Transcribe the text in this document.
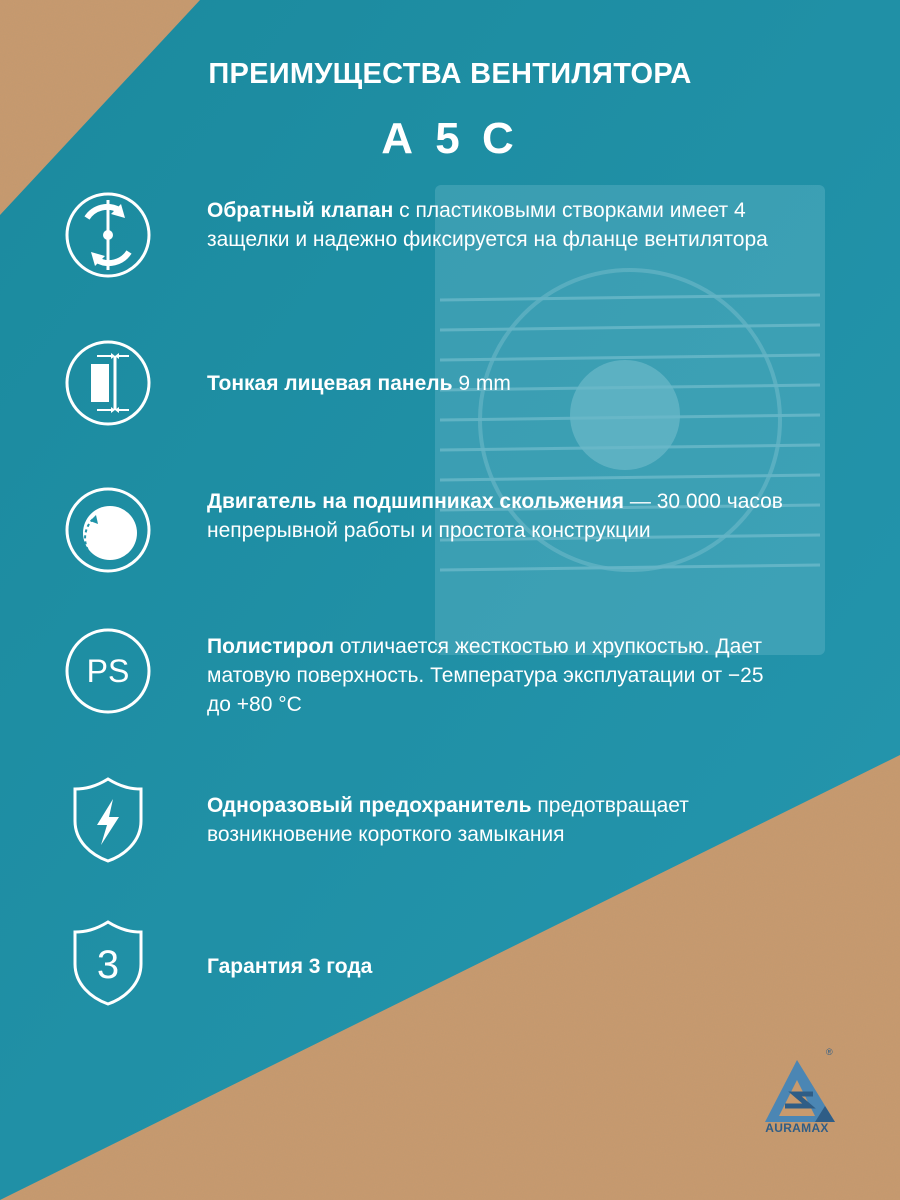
ПРЕИМУЩЕСТВА ВЕНТИЛЯТОРА
А 5 С
Обратный клапан с пластиковыми створками имеет 4 защелки и надежно фиксируется на фланце вентилятора
Тонкая лицевая панель 9 mm
Двигатель на подшипниках скольжения — 30 000 часов непрерывной работы и простота конструкции
PS
Полистирол отличается жесткостью и хрупкостью. Дает матовую поверхность. Температура эксплуатации от −25 до +80 °С
Одноразовый предохранитель предотвращает возникновение короткого замыкания
3	Гарантия 3 года
®
AURAMAX
